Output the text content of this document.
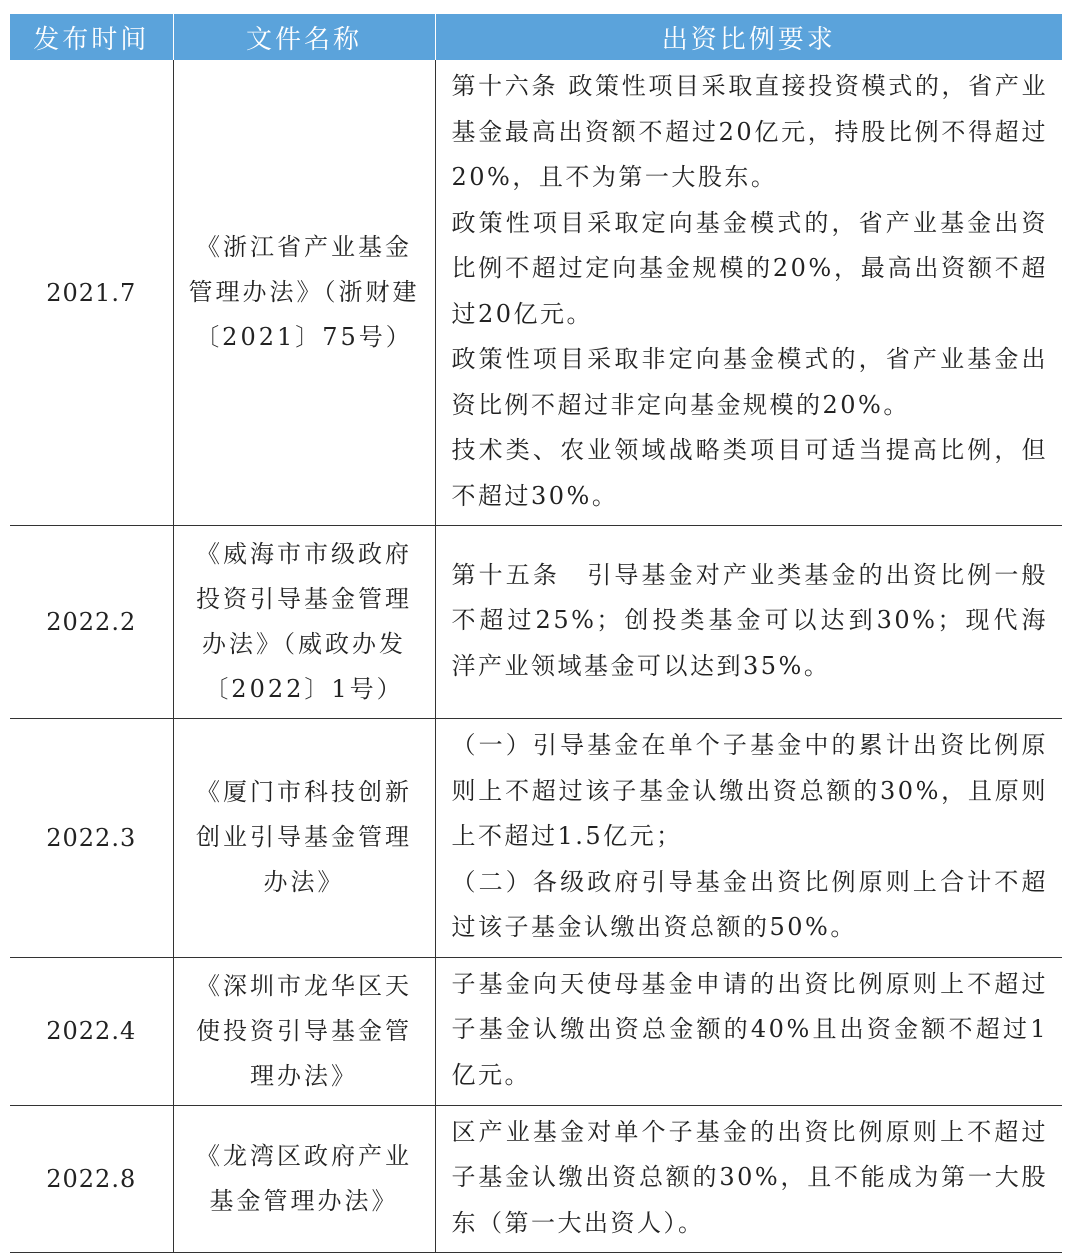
发布时间	文件名称	出资比例要求
2021.7	《浙江省产业基金管理办法》（浙财建〔2021〕75号）	第十六条 政策性项目采取直接投资模式的，省产业基金最高出资额不超过20亿元，持股比例不得超过20%，且不为第一大股东。

政策性项目采取定向基金模式的，省产业基金出资比例不超过定向基金规模的20%，最高出资额不超过20亿元。

政策性项目采取非定向基金模式的，省产业基金出资比例不超过非定向基金规模的20%。

技术类、农业领域战略类项目可适当提高比例，但不超过30%。

2022.2	《威海市市级政府投资引导基金管理办法》（威政办发〔2022〕1号）	第十五条　引导基金对产业类基金的出资比例一般不超过25%；创投类基金可以达到30%；现代海洋产业领域基金可以达到35%。

2022.3	《厦门市科技创新创业引导基金管理办法》	（一）引导基金在单个子基金中的累计出资比例原则上不超过该子基金认缴出资总额的30%，且原则上不超过1.5亿元；

（二）各级政府引导基金出资比例原则上合计不超过该子基金认缴出资总额的50%。

2022.4	《深圳市龙华区天使投资引导基金管理办法》	子基金向天使母基金申请的出资比例原则上不超过子基金认缴出资总金额的40%且出资金额不超过1亿元。

2022.8	《龙湾区政府产业基金管理办法》	区产业基金对单个子基金的出资比例原则上不超过子基金认缴出资总额的30%，且不能成为第一大股东（第一大出资人）。
